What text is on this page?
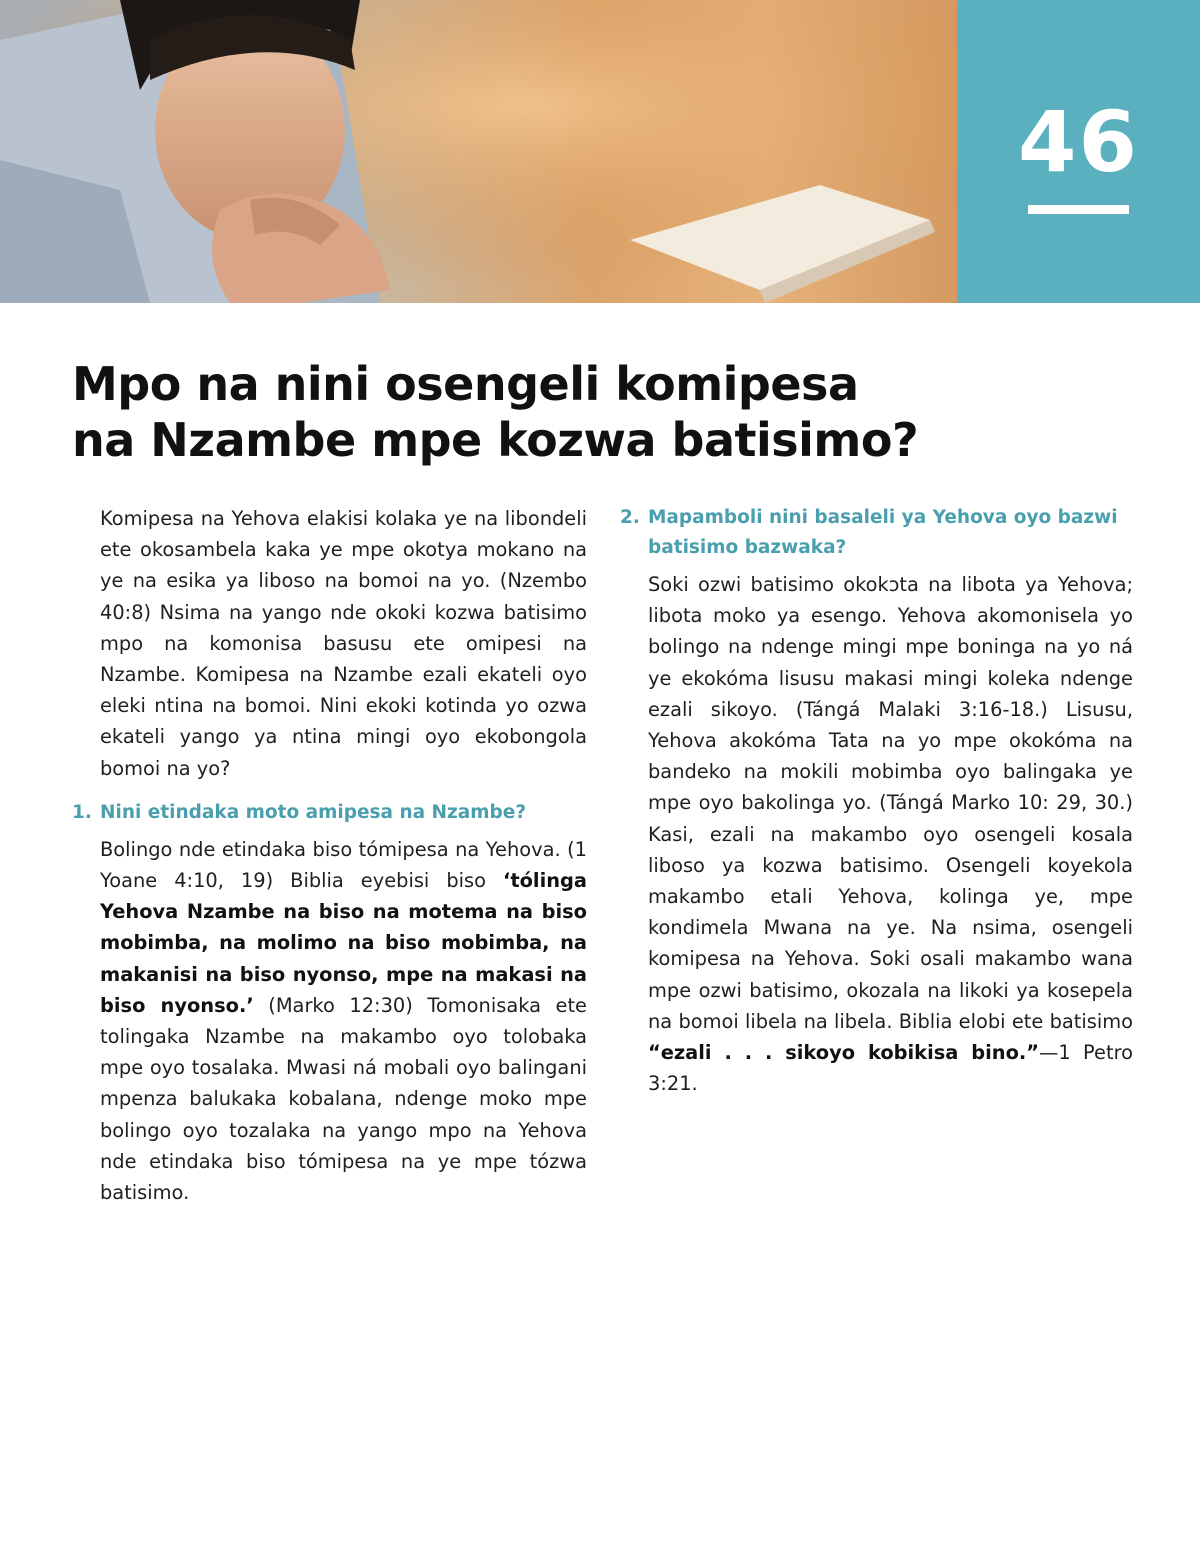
46
Mpo na nini osengeli komipesa
na Nzambe mpe kozwa batisimo?

Komipesa na Yehova elakisi kolaka ye na libondeli ete okosambela kaka ye mpe okotya mokano na ye na esika ya liboso na bomoi na yo. (Nzembo 40:8) Nsima na yango nde okoki kozwa batisimo mpo na komonisa basusu ete omipesi na Nzambe. Komipesa na Nzambe ezali ekateli oyo eleki ntina na bomoi. Nini ekoki kotinda yo ozwa ekateli yango ya ntina mingi oyo ekobongola bomoi na yo?

1. Nini etindaka moto amipesa na Nzambe?

Bolingo nde etindaka biso tómipesa na Yehova. (1 Yoane 4:10, 19) Biblia eyebisi biso ‘tólinga Yehova Nzambe na biso na motema na biso mobimba, na molimo na biso mobimba, na makanisi na biso nyonso, mpe na makasi na biso nyonso.’ (Marko 12:30) Tomonisaka ete tolingaka Nzambe na makambo oyo tolobaka mpe oyo tosalaka. Mwasi ná mobali oyo balingani mpenza balukaka kobalana, ndenge moko mpe bolingo oyo tozalaka na yango mpo na Yehova nde etindaka biso tómipesa na ye mpe tózwa batisimo.

2. Mapamboli nini basaleli ya Yehova oyo bazwi batisimo bazwaka?

Soki ozwi batisimo okokɔta na libota ya Yehova; libota moko ya esengo. Yehova akomonisela yo bolingo na ndenge mingi mpe boninga na yo ná ye ekokóma lisusu makasi mingi koleka ndenge ezali sikoyo. (Tángá Malaki 3:16-18.) Lisusu, Yehova akokóma Tata na yo mpe okokóma na bandeko na mokili mobimba oyo balingaka ye mpe oyo bakolinga yo. (Tángá Marko 10: 29, 30.) Kasi, ezali na makambo oyo osengeli kosala liboso ya kozwa batisimo. Osengeli koyekola makambo etali Yehova, kolinga ye, mpe kondimela Mwana na ye. Na nsima, osengeli komipesa na Yehova. Soki osali makambo wana mpe ozwi batisimo, okozala na likoki ya kosepela na bomoi libela na libela. Biblia elobi ete batisimo “ezali . . . sikoyo kobikisa bino.”—1 Petro 3:21.
